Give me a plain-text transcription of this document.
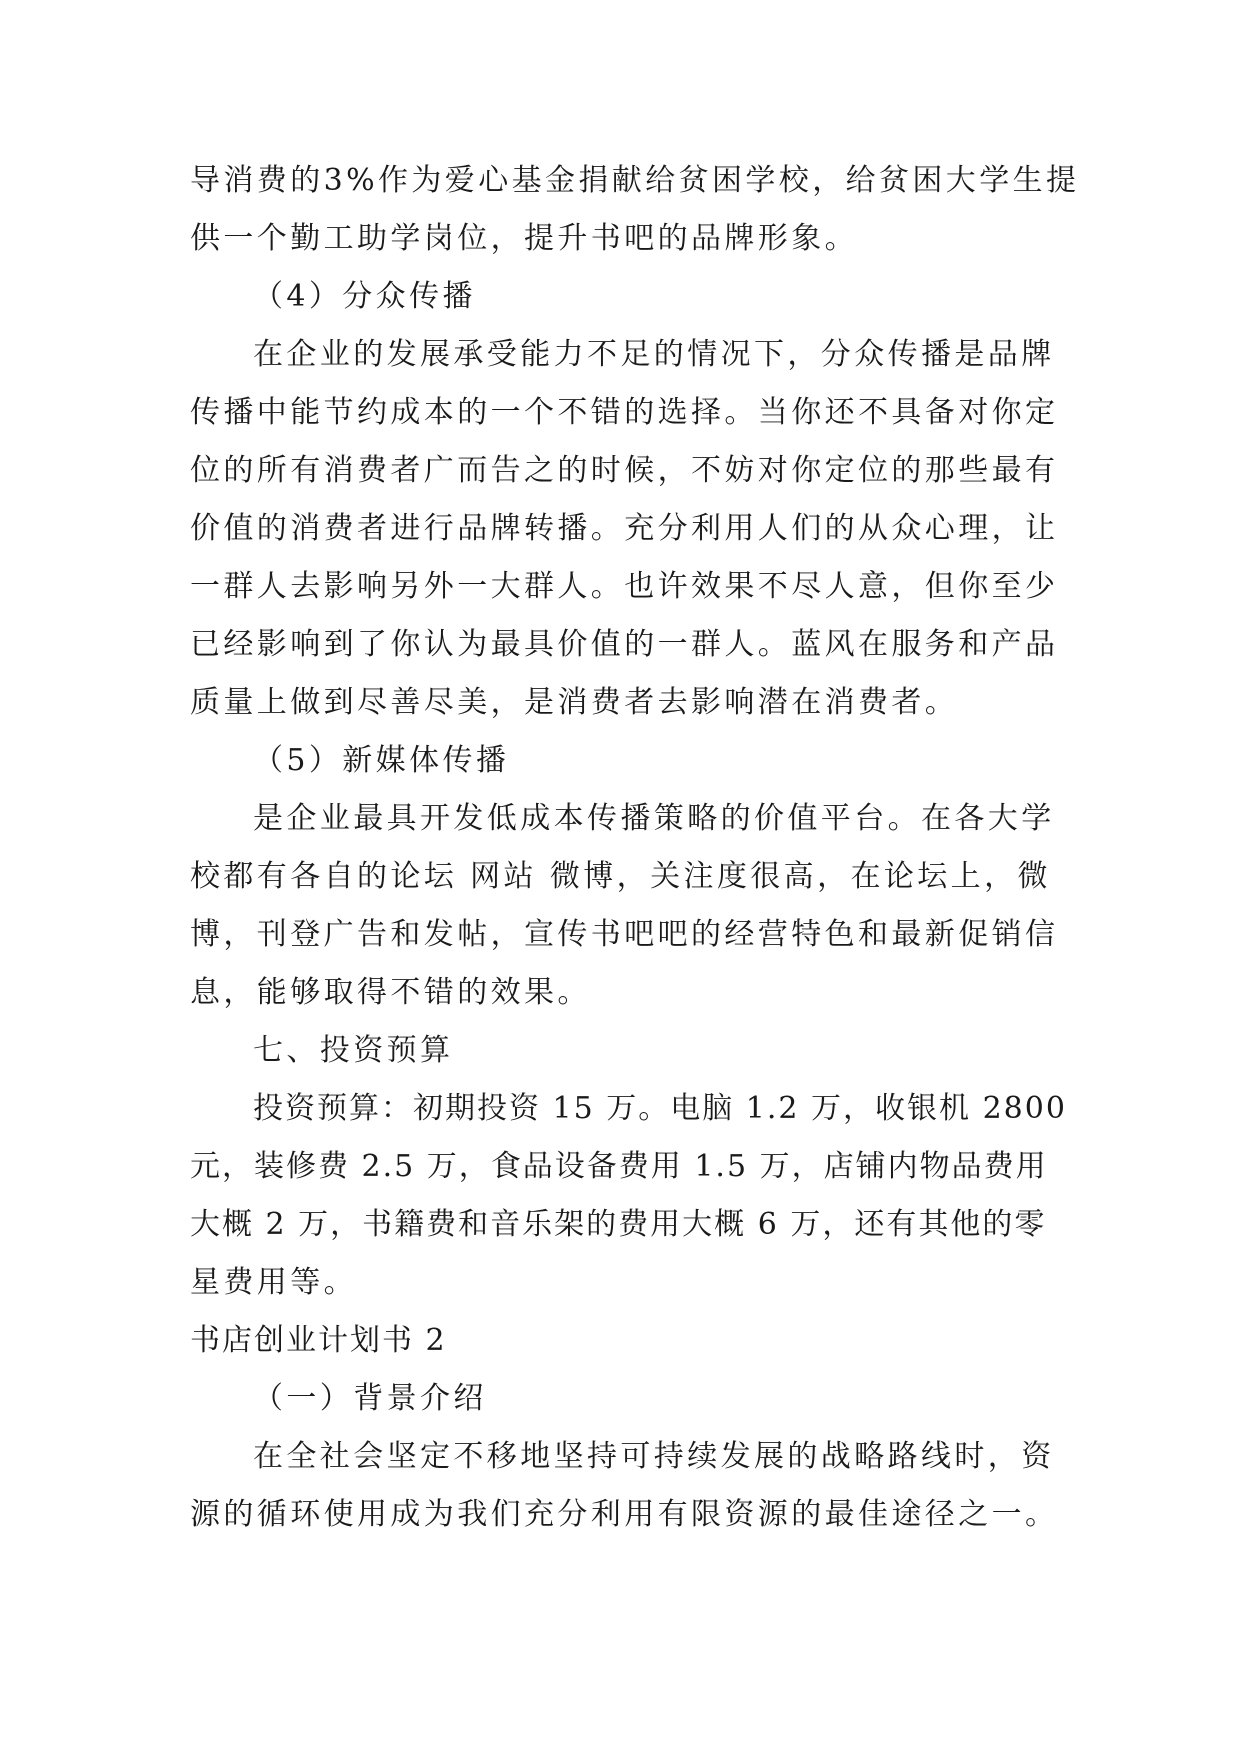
导消费的3%作为爱心基金捐献给贫困学校，给贫困大学生提
供一个勤工助学岗位，提升书吧的品牌形象。
（4）分众传播
在企业的发展承受能力不足的情况下，分众传播是品牌
传播中能节约成本的一个不错的选择。当你还不具备对你定
位的所有消费者广而告之的时候，不妨对你定位的那些最有
价值的消费者进行品牌转播。充分利用人们的从众心理，让
一群人去影响另外一大群人。也许效果不尽人意，但你至少
已经影响到了你认为最具价值的一群人。蓝风在服务和产品
质量上做到尽善尽美，是消费者去影响潜在消费者。
（5）新媒体传播
是企业最具开发低成本传播策略的价值平台。在各大学
校都有各自的论坛 网站 微博，关注度很高，在论坛上，微
博，刊登广告和发帖，宣传书吧吧的经营特色和最新促销信
息，能够取得不错的效果。
七、投资预算
投资预算：初期投资 15 万。电脑 1.2 万，收银机 2800
元，装修费 2.5 万，食品设备费用 1.5 万，店铺内物品费用
大概 2 万，书籍费和音乐架的费用大概 6 万，还有其他的零
星费用等。
书店创业计划书 2
（一）背景介绍
在全社会坚定不移地坚持可持续发展的战略路线时，资
源的循环使用成为我们充分利用有限资源的最佳途径之一。
